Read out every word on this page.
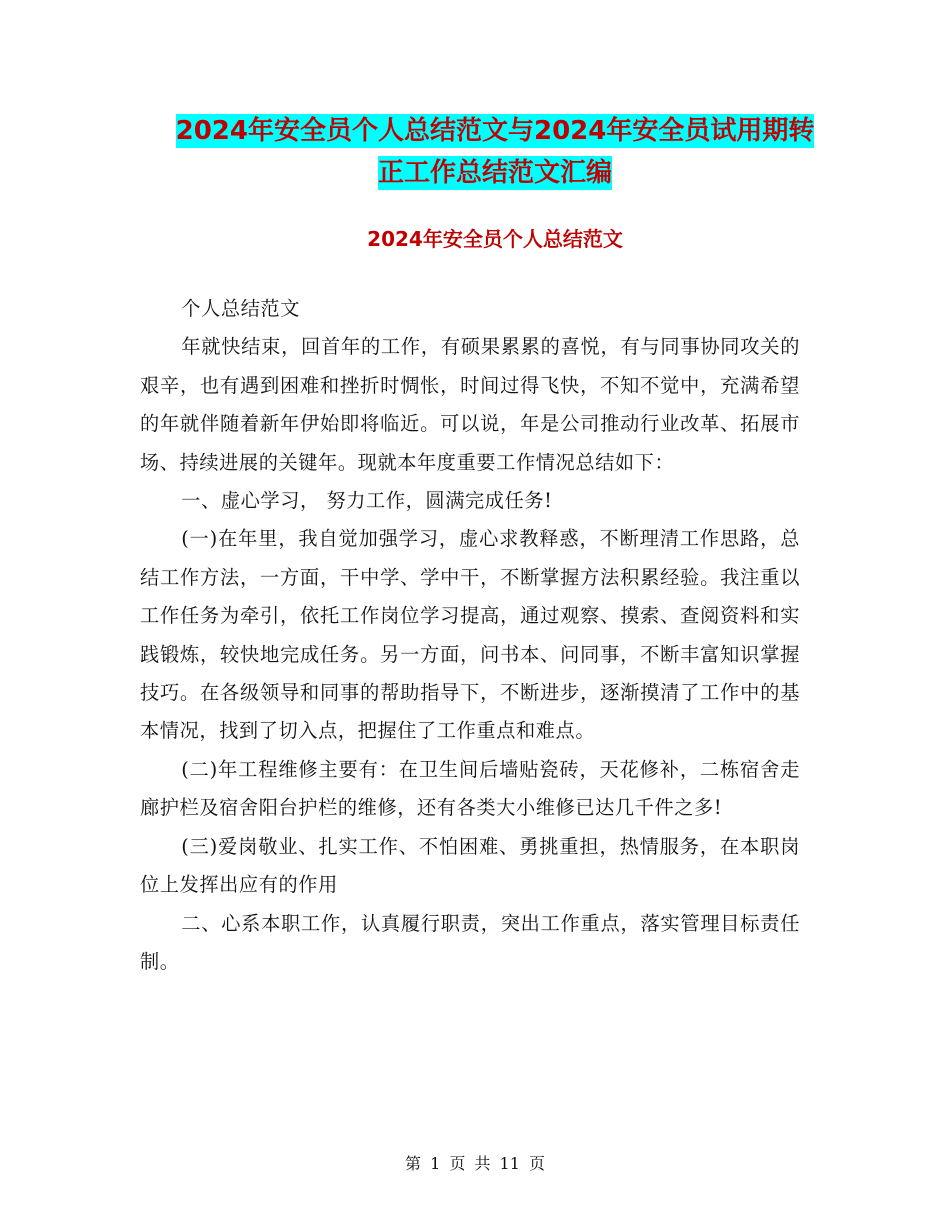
2024年安全员个人总结范文与2024年安全员试用期转
正工作总结范文汇编
2024年安全员个人总结范文

个人总结范文

年就快结束，回首年的工作，有硕果累累的喜悦，有与同事协同攻关的艰辛，也有遇到困难和挫折时惆怅，时间过得飞快，不知不觉中，充满希望的年就伴随着新年伊始即将临近。可以说，年是公司推动行业改革、拓展市场、持续进展的关键年。现就本年度重要工作情况总结如下：

一、虚心学习， 努力工作，圆满完成任务!

(一)在年里，我自觉加强学习，虚心求教释惑，不断理清工作思路，总结工作方法，一方面，干中学、学中干，不断掌握方法积累经验。我注重以工作任务为牵引，依托工作岗位学习提高，通过观察、摸索、查阅资料和实践锻炼，较快地完成任务。另一方面，问书本、问同事，不断丰富知识掌握技巧。在各级领导和同事的帮助指导下，不断进步，逐渐摸清了工作中的基本情况，找到了切入点，把握住了工作重点和难点。

(二)年工程维修主要有：在卫生间后墙贴瓷砖，天花修补，二栋宿舍走廊护栏及宿舍阳台护栏的维修，还有各类大小维修已达几千件之多!

(三)爱岗敬业、扎实工作、不怕困难、勇挑重担，热情服务，在本职岗位上发挥出应有的作用

二、心系本职工作，认真履行职责，突出工作重点，落实管理目标责任制。

第 1 页 共 11 页
